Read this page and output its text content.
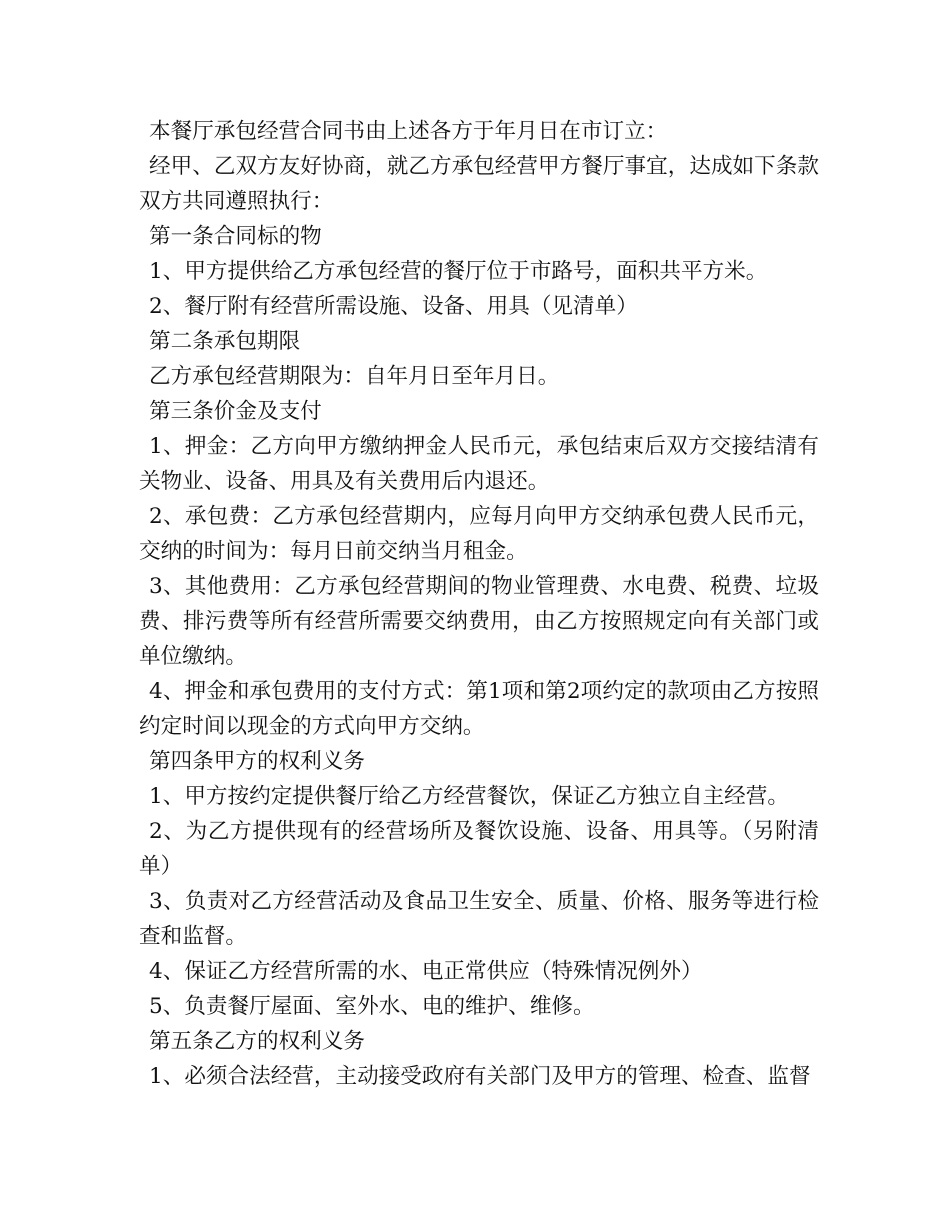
本餐厅承包经营合同书由上述各方于年月日在市订立：

经甲、乙双方友好协商，就乙方承包经营甲方餐厅事宜，达成如下条款双方共同遵照执行：

第一条合同标的物

1、甲方提供给乙方承包经营的餐厅位于市路号，面积共平方米。

2、餐厅附有经营所需设施、设备、用具（见清单）

第二条承包期限

乙方承包经营期限为：自年月日至年月日。

第三条价金及支付

1、押金：乙方向甲方缴纳押金人民币元，承包结束后双方交接结清有关物业、设备、用具及有关费用后内退还。

2、承包费：乙方承包经营期内，应每月向甲方交纳承包费人民币元，交纳的时间为：每月日前交纳当月租金。

3、其他费用：乙方承包经营期间的物业管理费、水电费、税费、垃圾费、排污费等所有经营所需要交纳费用，由乙方按照规定向有关部门或单位缴纳。

4、押金和承包费用的支付方式：第1项和第2项约定的款项由乙方按照约定时间以现金的方式向甲方交纳。

第四条甲方的权利义务

1、甲方按约定提供餐厅给乙方经营餐饮，保证乙方独立自主经营。

2、为乙方提供现有的经营场所及餐饮设施、设备、用具等。（另附清单）

3、负责对乙方经营活动及食品卫生安全、质量、价格、服务等进行检查和监督。

4、保证乙方经营所需的水、电正常供应（特殊情况例外）

5、负责餐厅屋面、室外水、电的维护、维修。

第五条乙方的权利义务

1、必须合法经营，主动接受政府有关部门及甲方的管理、检查、监督
